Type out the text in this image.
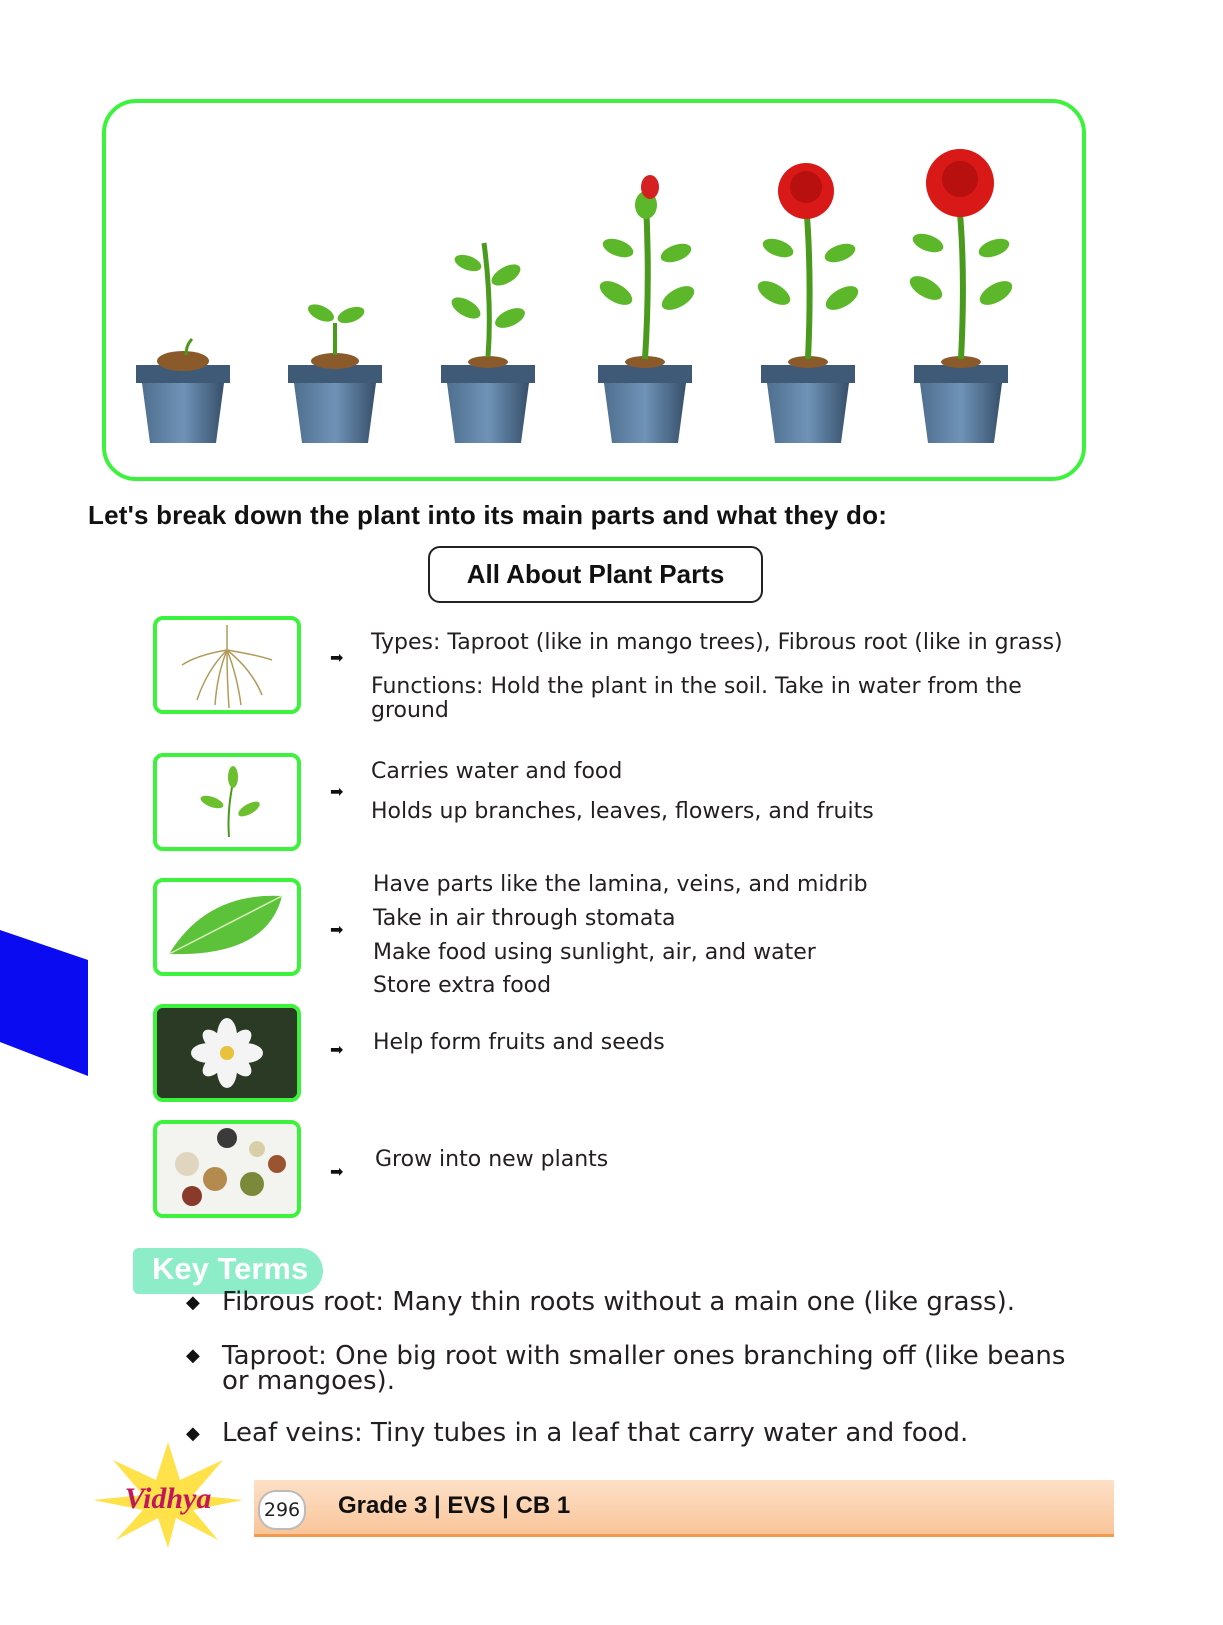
Let's break down the plant into its main parts and what they do:
All About Plant Parts
➡
Types: Taproot (like in mango trees), Fibrous root (like in grass)
Functions: Hold the plant in the soil. Take in water from the
ground
➡
Carries water and food
Holds up branches, leaves, flowers, and fruits
➡
Have parts like the lamina, veins, and midrib
Take in air through stomata
Make food using sunlight, air, and water
Store extra food
➡ Help form fruits and seeds
➡ Grow into new plants
Key Terms
◆ Fibrous root: Many thin roots without a main one (like grass).
◆ Taproot: One big root with smaller ones branching off (like beans
or mangoes).
◆ Leaf veins: Tiny tubes in a leaf that carry water and food.
Vidhya	296 Grade 3 | EVS | CB 1
